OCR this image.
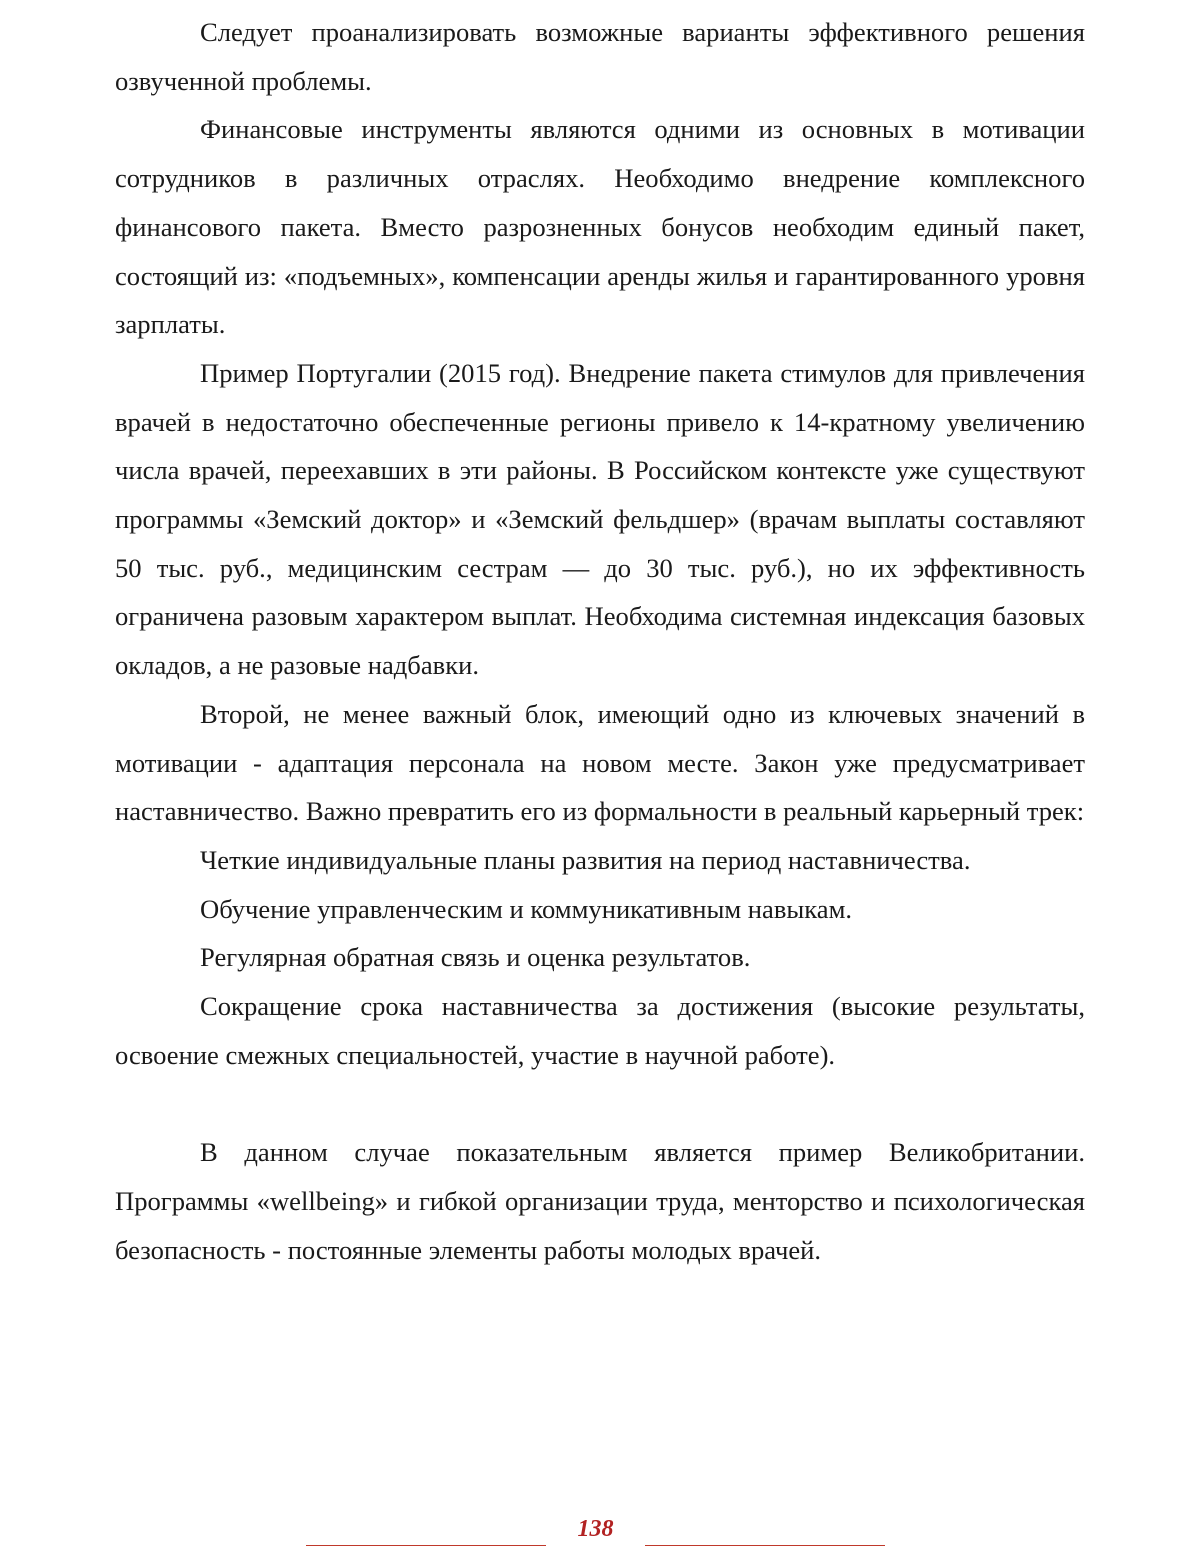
Следует проанализировать возможные варианты эффективного решения озвученной проблемы.

Финансовые инструменты являются одними из основных в мотивации сотрудников в различных отраслях. Необходимо внедрение комплексного финансового пакета. Вместо разрозненных бонусов необходим единый пакет, состоящий из: «подъемных», компенсации аренды жилья и гарантированного уровня зарплаты.

Пример Португалии (2015 год). Внедрение пакета стимулов для привлечения врачей в недостаточно обеспеченные регионы привело к 14-кратному увеличению числа врачей, переехавших в эти районы. В Российском контексте уже существуют программы «Земский доктор» и «Земский фельдшер» (врачам выплаты составляют 50 тыс. руб., медицинским сестрам — до 30 тыс. руб.), но их эффективность ограничена разовым характером выплат. Необходима системная индексация базовых окладов, а не разовые надбавки.

Второй, не менее важный блок, имеющий одно из ключевых значений в мотивации - адаптация персонала на новом месте. Закон уже предусматривает наставничество. Важно превратить его из формальности в реальный карьерный трек:

Четкие индивидуальные планы развития на период наставничества.

Обучение управленческим и коммуникативным навыкам.

Регулярная обратная связь и оценка результатов.

Сокращение срока наставничества за достижения (высокие результаты, освоение смежных специальностей, участие в научной работе).

В данном случае показательным является пример Великобритании. Программы «wellbeing» и гибкой организации труда, менторство и психологическая безопасность - постоянные элементы работы молодых врачей.

138
